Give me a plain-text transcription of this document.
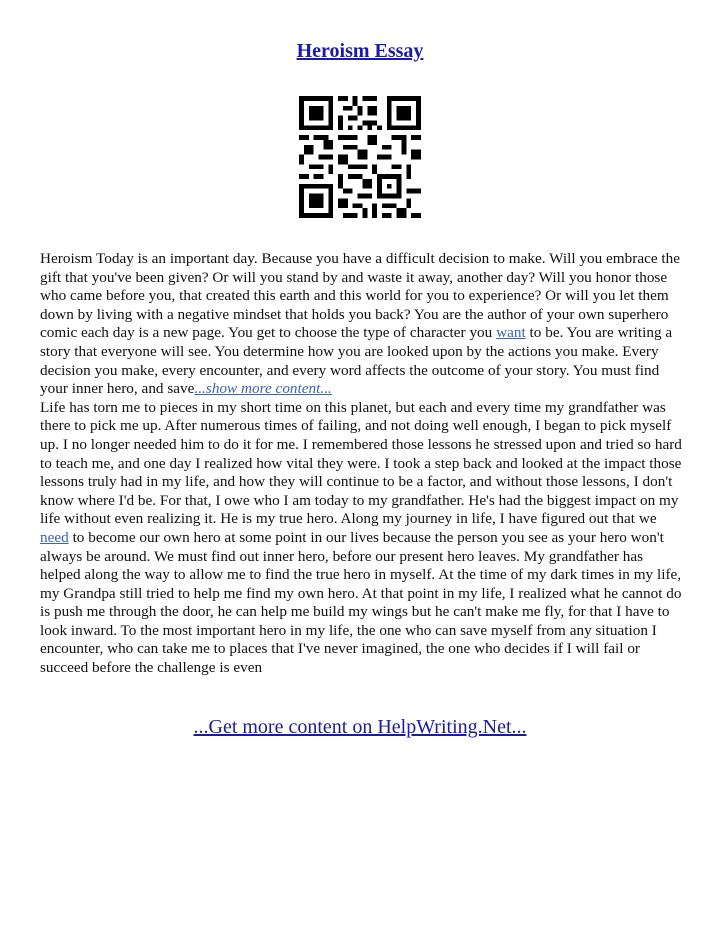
Heroism Essay

Heroism Today is an important day. Because you have a difficult decision to make. Will you embrace the gift that you've been given? Or will you stand by and waste it away, another day? Will you honor those who came before you, that created this earth and this world for you to experience? Or will you let them down by living with a negative mindset that holds you back? You are the author of your own superhero comic each day is a new page. You get to choose the type of character you want to be. You are writing a story that everyone will see. You determine how you are looked upon by the actions you make. Every decision you make, every encounter, and every word affects the outcome of your story. You must find your inner hero, and save...show more content...

Life has torn me to pieces in my short time on this planet, but each and every time my grandfather was there to pick me up. After numerous times of failing, and not doing well enough, I began to pick myself up. I no longer needed him to do it for me. I remembered those lessons he stressed upon and tried so hard to teach me, and one day I realized how vital they were. I took a step back and looked at the impact those lessons truly had in my life, and how they will continue to be a factor, and without those lessons, I don't know where I'd be. For that, I owe who I am today to my grandfather. He's had the biggest impact on my life without even realizing it. He is my true hero. Along my journey in life, I have figured out that we need to become our own hero at some point in our lives because the person you see as your hero won't always be around. We must find out inner hero, before our present hero leaves. My grandfather has helped along the way to allow me to find the true hero in myself. At the time of my dark times in my life, my Grandpa still tried to help me find my own hero. At that point in my life, I realized what he cannot do is push me through the door, he can help me build my wings but he can't make me fly, for that I have to look inward. To the most important hero in my life, the one who can save myself from any situation I encounter, who can take me to places that I've never imagined, the one who decides if I will fail or succeed before the challenge is even

...Get more content on HelpWriting.Net...
